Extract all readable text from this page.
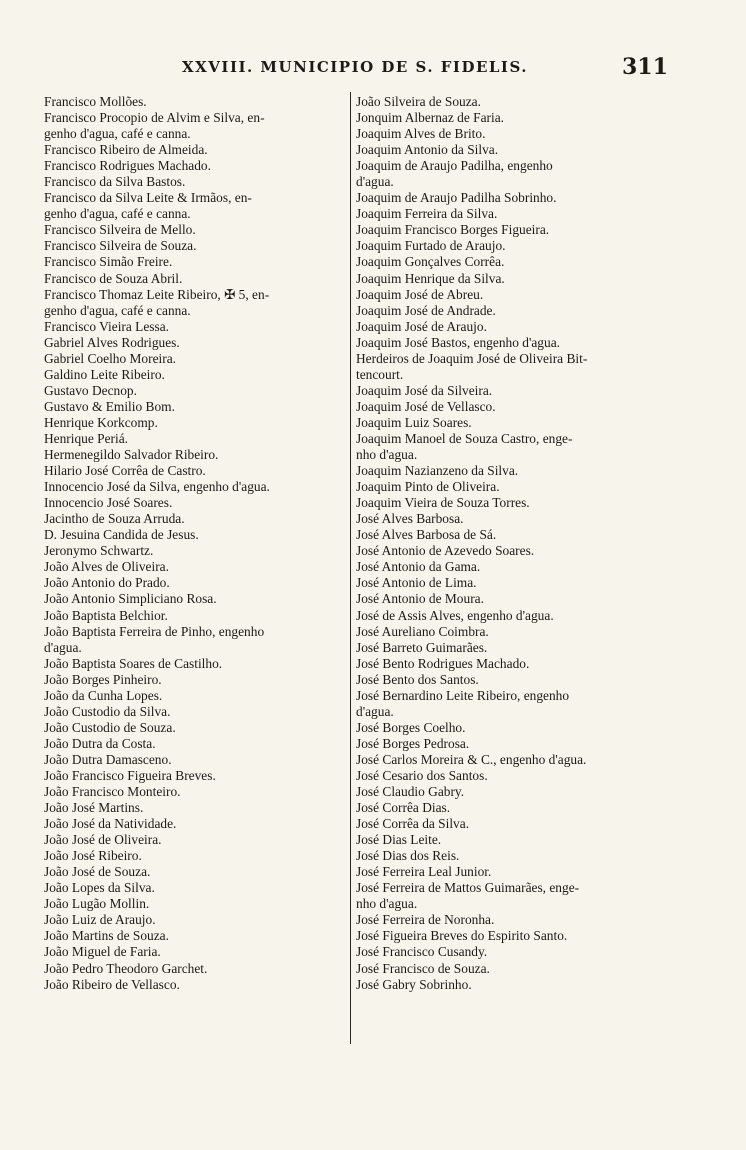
XXVIII. MUNICIPIO DE S. FIDELIS.	311
Francisco Mollões.
Francisco Procopio de Alvim e Silva, en-
genho d'agua, café e canna.
Francisco Ribeiro de Almeida.
Francisco Rodrigues Machado.
Francisco da Silva Bastos.
Francisco da Silva Leite & Irmãos, en-
genho d'agua, café e canna.
Francisco Silveira de Mello.
Francisco Silveira de Souza.
Francisco Simão Freire.
Francisco de Souza Abril.
Francisco Thomaz Leite Ribeiro, ✠ 5, en-
genho d'agua, café e canna.
Francisco Vieira Lessa.
Gabriel Alves Rodrigues.
Gabriel Coelho Moreira.
Galdino Leite Ribeiro.
Gustavo Decnop.
Gustavo & Emilio Bom.
Henrique Korkcomp.
Henrique Periá.
Hermenegildo Salvador Ribeiro.
Hilario José Corrêa de Castro.
Innocencio José da Silva, engenho d'agua.
Innocencio José Soares.
Jacintho de Souza Arruda.
D. Jesuina Candida de Jesus.
Jeronymo Schwartz.
João Alves de Oliveira.
João Antonio do Prado.
João Antonio Simpliciano Rosa.
João Baptista Belchior.
João Baptista Ferreira de Pinho, engenho
d'agua.
João Baptista Soares de Castilho.
João Borges Pinheiro.
João da Cunha Lopes.
João Custodio da Silva.
João Custodio de Souza.
João Dutra da Costa.
João Dutra Damasceno.
João Francisco Figueira Breves.
João Francisco Monteiro.
João José Martins.
João José da Natividade.
João José de Oliveira.
João José Ribeiro.
João José de Souza.
João Lopes da Silva.
João Lugão Mollin.
João Luiz de Araujo.
João Martins de Souza.
João Miguel de Faria.
João Pedro Theodoro Garchet.
João Ribeiro de Vellasco.
João Silveira de Souza.
Jonquim Albernaz de Faria.
Joaquim Alves de Brito.
Joaquim Antonio da Silva.
Joaquim de Araujo Padilha, engenho
d'agua.
Joaquim de Araujo Padilha Sobrinho.
Joaquim Ferreira da Silva.
Joaquim Francisco Borges Figueira.
Joaquim Furtado de Araujo.
Joaquim Gonçalves Corrêa.
Joaquim Henrique da Silva.
Joaquim José de Abreu.
Joaquim José de Andrade.
Joaquim José de Araujo.
Joaquim José Bastos, engenho d'agua.
Herdeiros de Joaquim José de Oliveira Bit-
tencourt.
Joaquim José da Silveira.
Joaquim José de Vellasco.
Joaquim Luiz Soares.
Joaquim Manoel de Souza Castro, enge-
nho d'agua.
Joaquim Nazianzeno da Silva.
Joaquim Pinto de Oliveira.
Joaquim Vieira de Souza Torres.
José Alves Barbosa.
José Alves Barbosa de Sá.
José Antonio de Azevedo Soares.
José Antonio da Gama.
José Antonio de Lima.
José Antonio de Moura.
José de Assis Alves, engenho d'agua.
José Aureliano Coimbra.
José Barreto Guimarães.
José Bento Rodrigues Machado.
José Bento dos Santos.
José Bernardino Leite Ribeiro, engenho
d'agua.
José Borges Coelho.
José Borges Pedrosa.
José Carlos Moreira & C., engenho d'agua.
José Cesario dos Santos.
José Claudio Gabry.
José Corrêa Dias.
José Corrêa da Silva.
José Dias Leite.
José Dias dos Reis.
José Ferreira Leal Junior.
José Ferreira de Mattos Guimarães, enge-
nho d'agua.
José Ferreira de Noronha.
José Figueira Breves do Espirito Santo.
José Francisco Cusandy.
José Francisco de Souza.
José Gabry Sobrinho.
